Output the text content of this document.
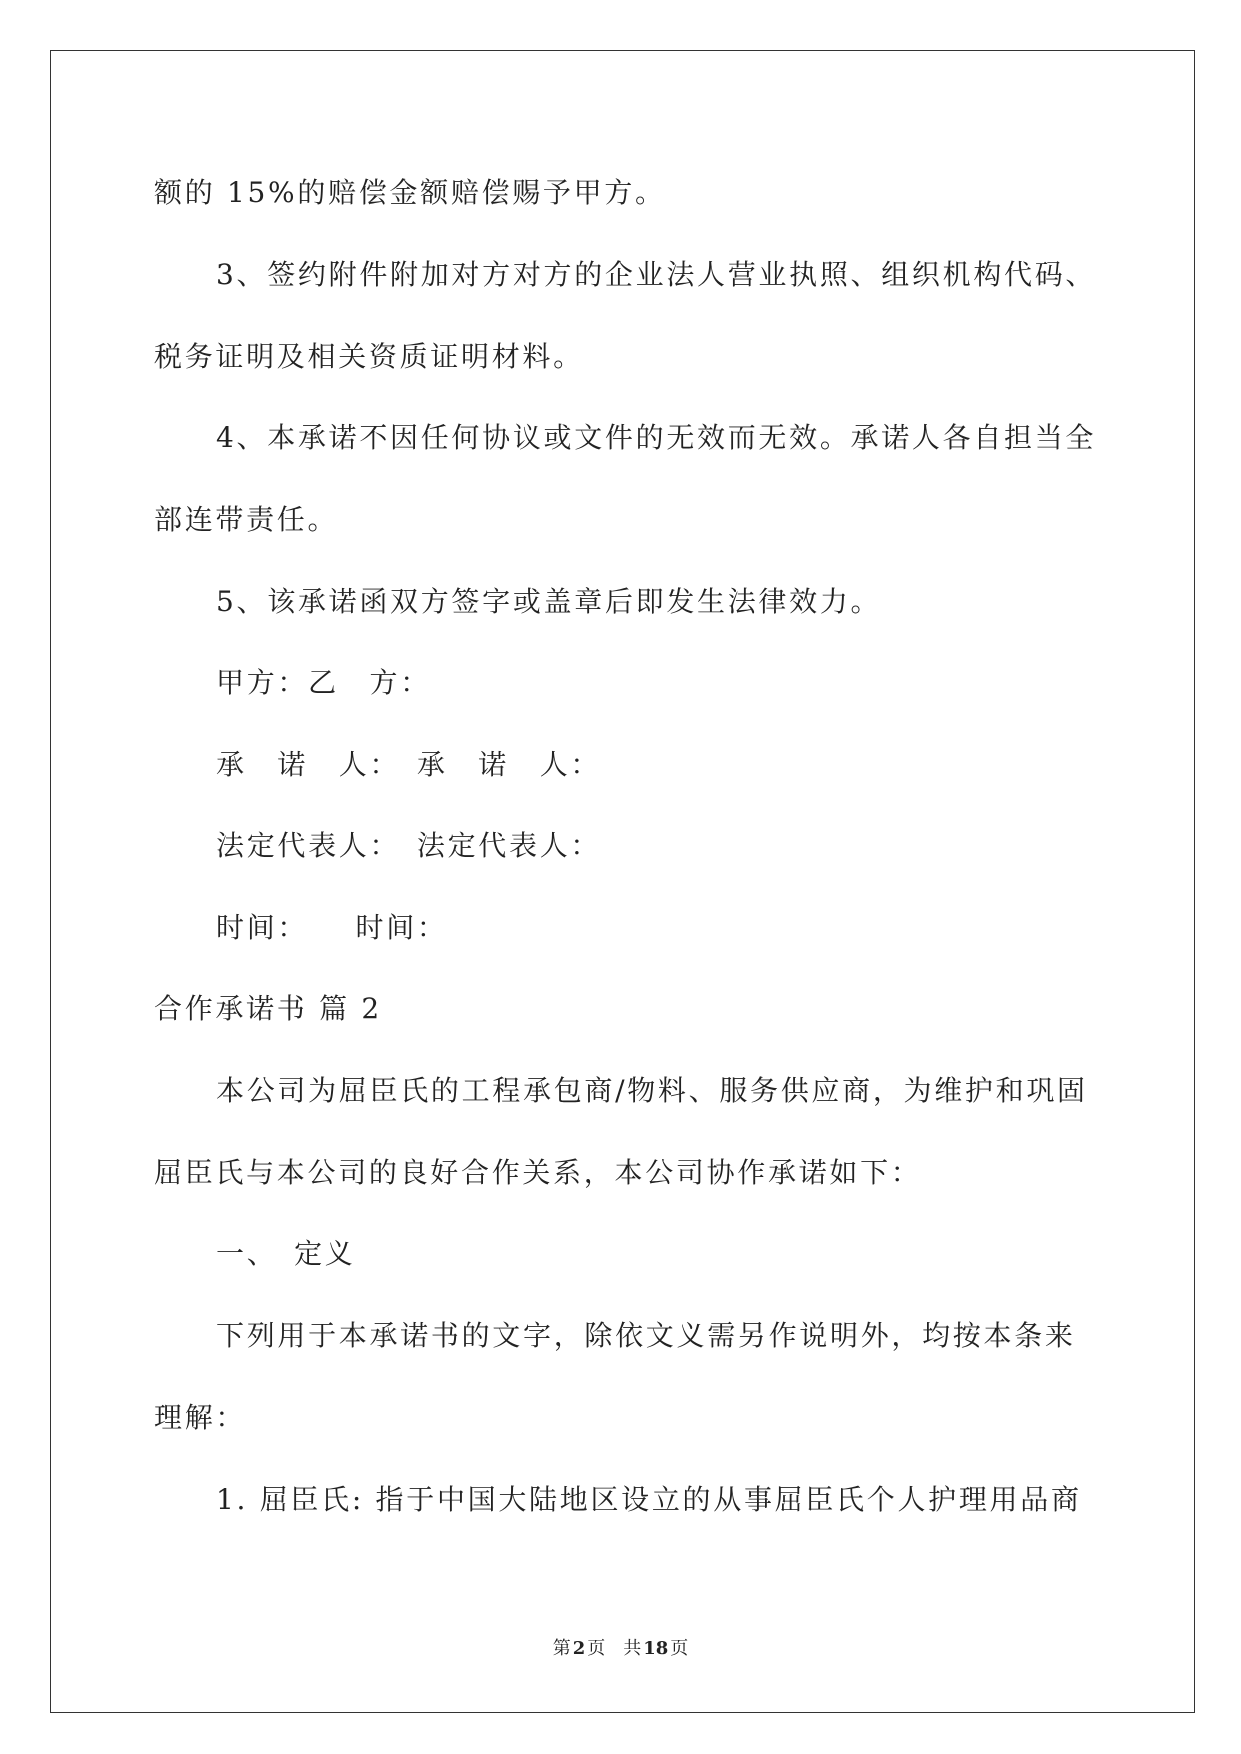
额的 15%的赔偿金额赔偿赐予甲方。
3、签约附件附加对方对方的企业法人营业执照、组织机构代码、
税务证明及相关资质证明材料。
4、本承诺不因任何协议或文件的无效而无效。承诺人各自担当全
部连带责任。
5、该承诺函双方签字或盖章后即发生法律效力。
甲方：乙　方：
承　诺　人：　承　诺　人：
法定代表人：　法定代表人：
时间：　　时间：
合作承诺书 篇 2
本公司为屈臣氏的工程承包商/物料、服务供应商，为维护和巩固
屈臣氏与本公司的良好合作关系，本公司协作承诺如下：
一、　定义
下列用于本承诺书的文字，除依文义需另作说明外，均按本条来
理解：
1. 屈臣氏: 指于中国大陆地区设立的从事屈臣氏个人护理用品商
第 2 页　 共 18 页
